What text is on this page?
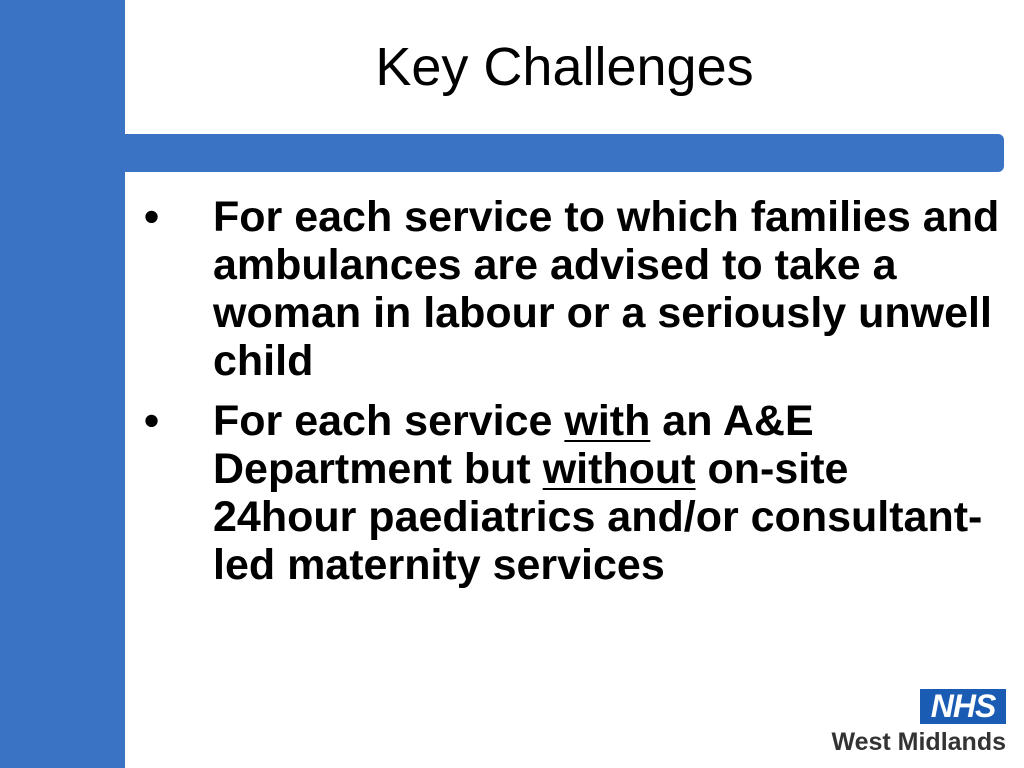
Key Challenges
• For each service to which families and ambulances are advised to take a woman in labour or a seriously unwell child
• For each service with an A&E Department but without on-site 24hour paediatrics and/or consultant-led maternity services
NHS
West Midlands
